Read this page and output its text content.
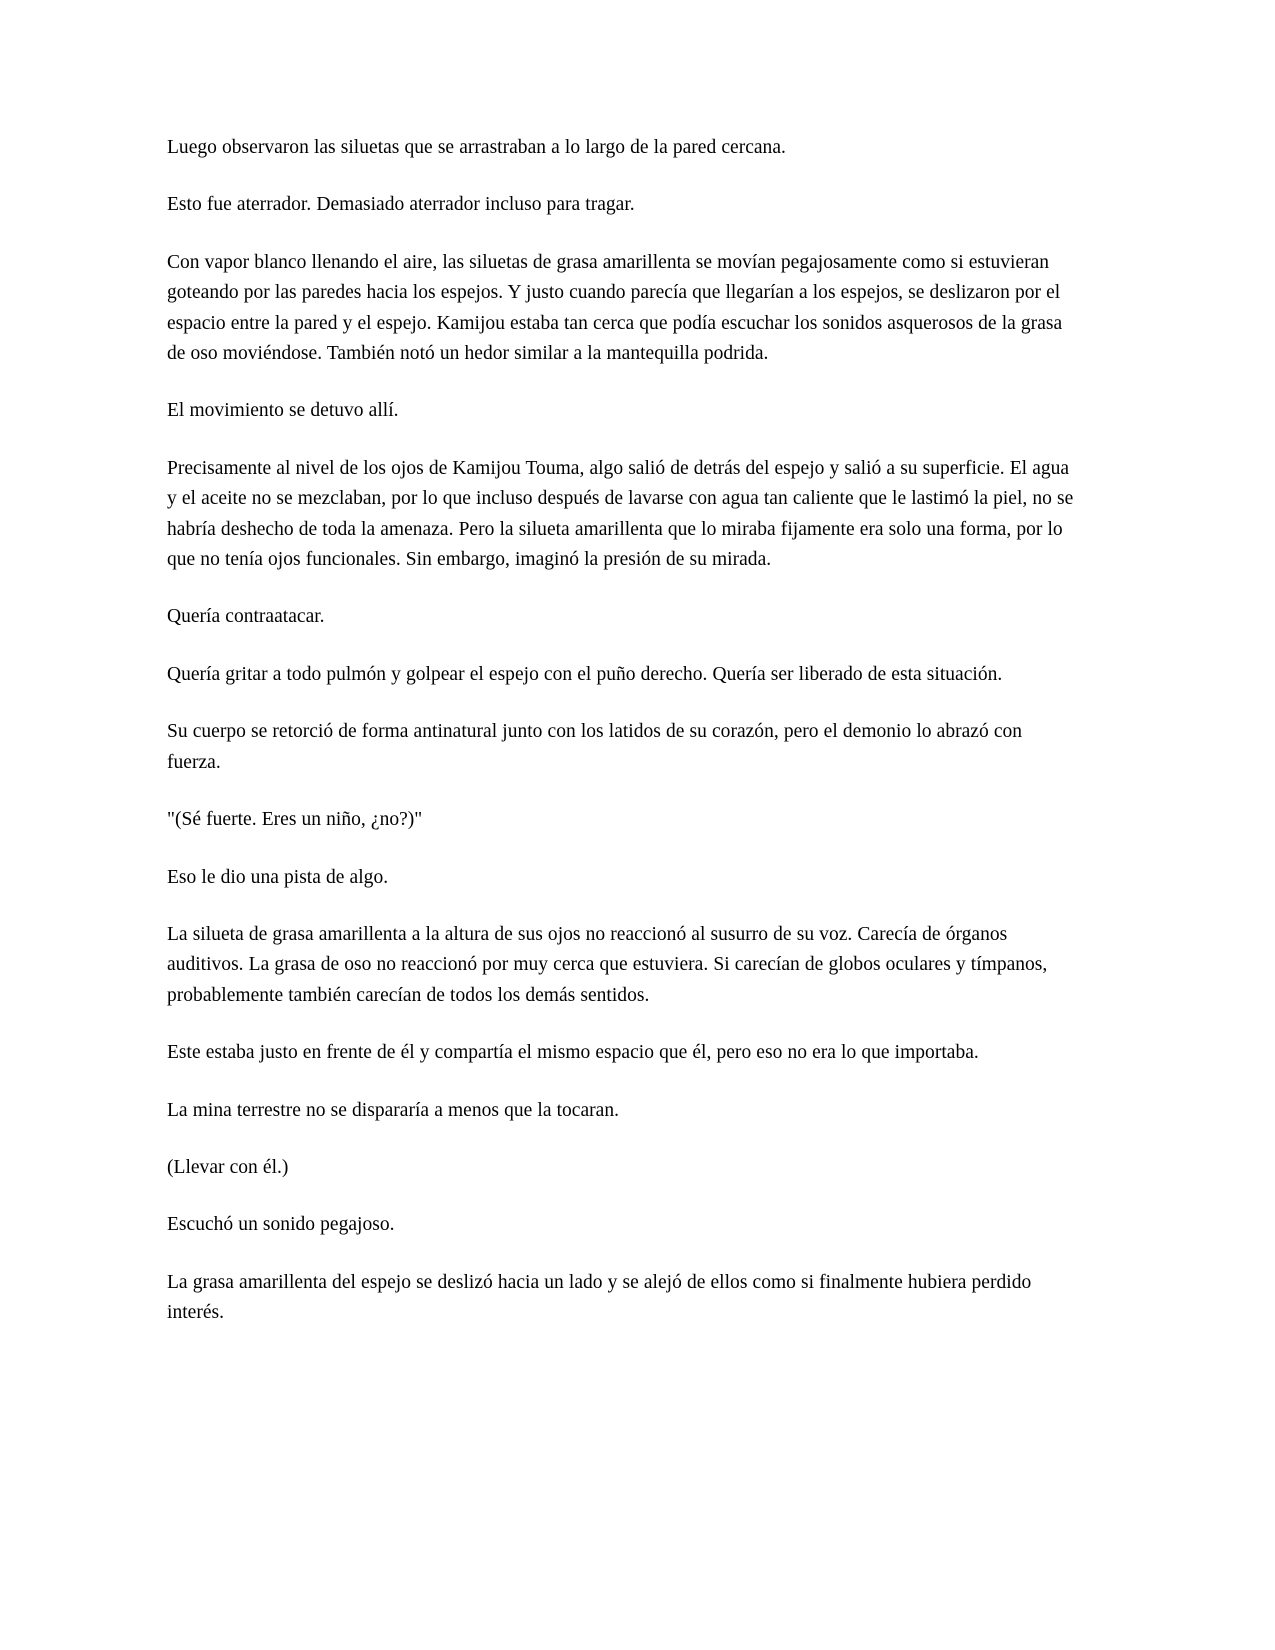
Luego observaron las siluetas que se arrastraban a lo largo de la pared cercana.

Esto fue aterrador. Demasiado aterrador incluso para tragar.

Con vapor blanco llenando el aire, las siluetas de grasa amarillenta se movían pegajosamente como si estuvieran goteando por las paredes hacia los espejos. Y justo cuando parecía que llegarían a los espejos, se deslizaron por el espacio entre la pared y el espejo. Kamijou estaba tan cerca que podía escuchar los sonidos asquerosos de la grasa de oso moviéndose. También notó un hedor similar a la mantequilla podrida.

El movimiento se detuvo allí.

Precisamente al nivel de los ojos de Kamijou Touma, algo salió de detrás del espejo y salió a su superficie. El agua y el aceite no se mezclaban, por lo que incluso después de lavarse con agua tan caliente que le lastimó la piel, no se habría deshecho de toda la amenaza. Pero la silueta amarillenta que lo miraba fijamente era solo una forma, por lo que no tenía ojos funcionales. Sin embargo, imaginó la presión de su mirada.

Quería contraatacar.

Quería gritar a todo pulmón y golpear el espejo con el puño derecho. Quería ser liberado de esta situación.

Su cuerpo se retorció de forma antinatural junto con los latidos de su corazón, pero el demonio lo abrazó con fuerza.

"(Sé fuerte. Eres un niño, ¿no?)"

Eso le dio una pista de algo.

La silueta de grasa amarillenta a la altura de sus ojos no reaccionó al susurro de su voz. Carecía de órganos auditivos. La grasa de oso no reaccionó por muy cerca que estuviera. Si carecían de globos oculares y tímpanos, probablemente también carecían de todos los demás sentidos.

Este estaba justo en frente de él y compartía el mismo espacio que él, pero eso no era lo que importaba.

La mina terrestre no se dispararía a menos que la tocaran.

(Llevar con él.)

Escuchó un sonido pegajoso.

La grasa amarillenta del espejo se deslizó hacia un lado y se alejó de ellos como si finalmente hubiera perdido interés.
